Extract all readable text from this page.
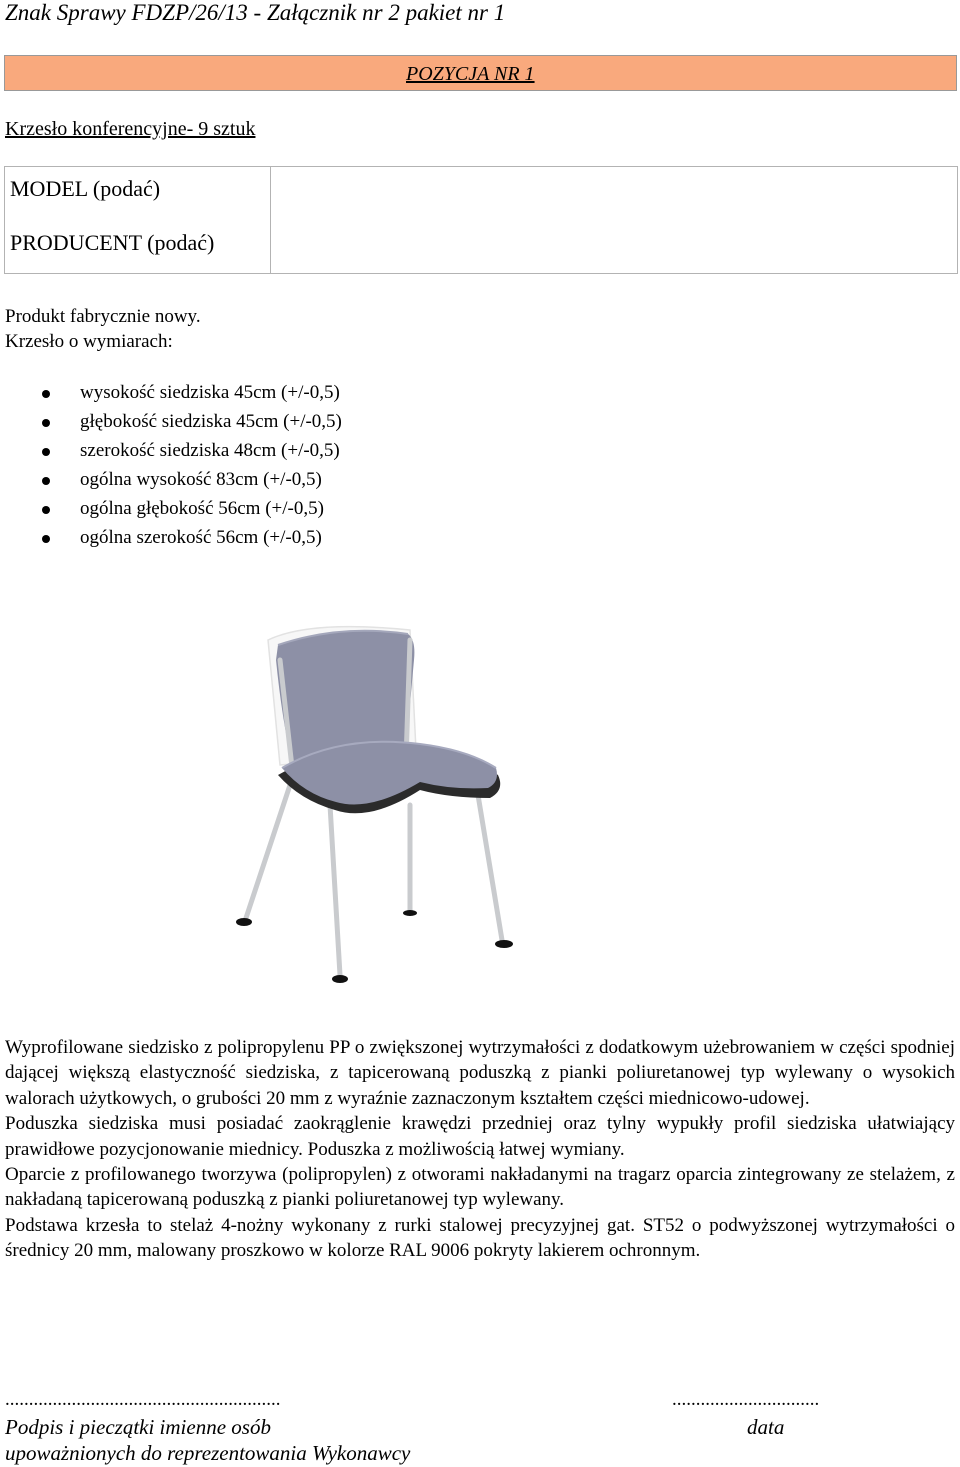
Znak Sprawy FDZP/26/13 - Załącznik nr 2 pakiet nr 1
POZYCJA NR 1
Krzesło konferencyjne- 9 sztuk
MODEL (podać)
PRODUCENT (podać)
Produkt fabrycznie nowy.
Krzesło o wymiarach:
wysokość siedziska 45cm (+/-0,5)
głębokość siedziska 45cm (+/-0,5)
szerokość siedziska 48cm (+/-0,5)
ogólna wysokość 83cm (+/-0,5)
ogólna głębokość 56cm (+/-0,5)
ogólna szerokość 56cm (+/-0,5)

Wyprofilowane siedzisko z polipropylenu PP o zwiększonej wytrzymałości z dodatkowym użebrowaniem w części spodniej dającej większą elastyczność siedziska, z tapicerowaną poduszką z pianki poliuretanowej typ wylewany o wysokich walorach użytkowych, o grubości 20 mm z wyraźnie zaznaczonym kształtem części miednicowo-udowej.

Poduszka siedziska musi posiadać zaokrąglenie krawędzi przedniej oraz tylny wypukły profil siedziska ułatwiający prawidłowe pozycjonowanie miednicy. Poduszka z możliwością łatwej wymiany.

Oparcie z profilowanego tworzywa (polipropylen) z otworami nakładanymi na tragarz oparcia zintegrowany ze stelażem, z nakładaną tapicerowaną poduszką z pianki poliuretanowej typ wylewany.

Podstawa krzesła to stelaż 4-nożny wykonany z rurki stalowej precyzyjnej gat. ST52 o podwyższonej wytrzymałości o średnicy 20 mm, malowany proszkowo w kolorze RAL 9006 pokryty lakierem ochronnym.

..........................................................	...............................
Podpis i pieczątki imienne osób
upoważnionych do reprezentowania Wykonawcy
data
